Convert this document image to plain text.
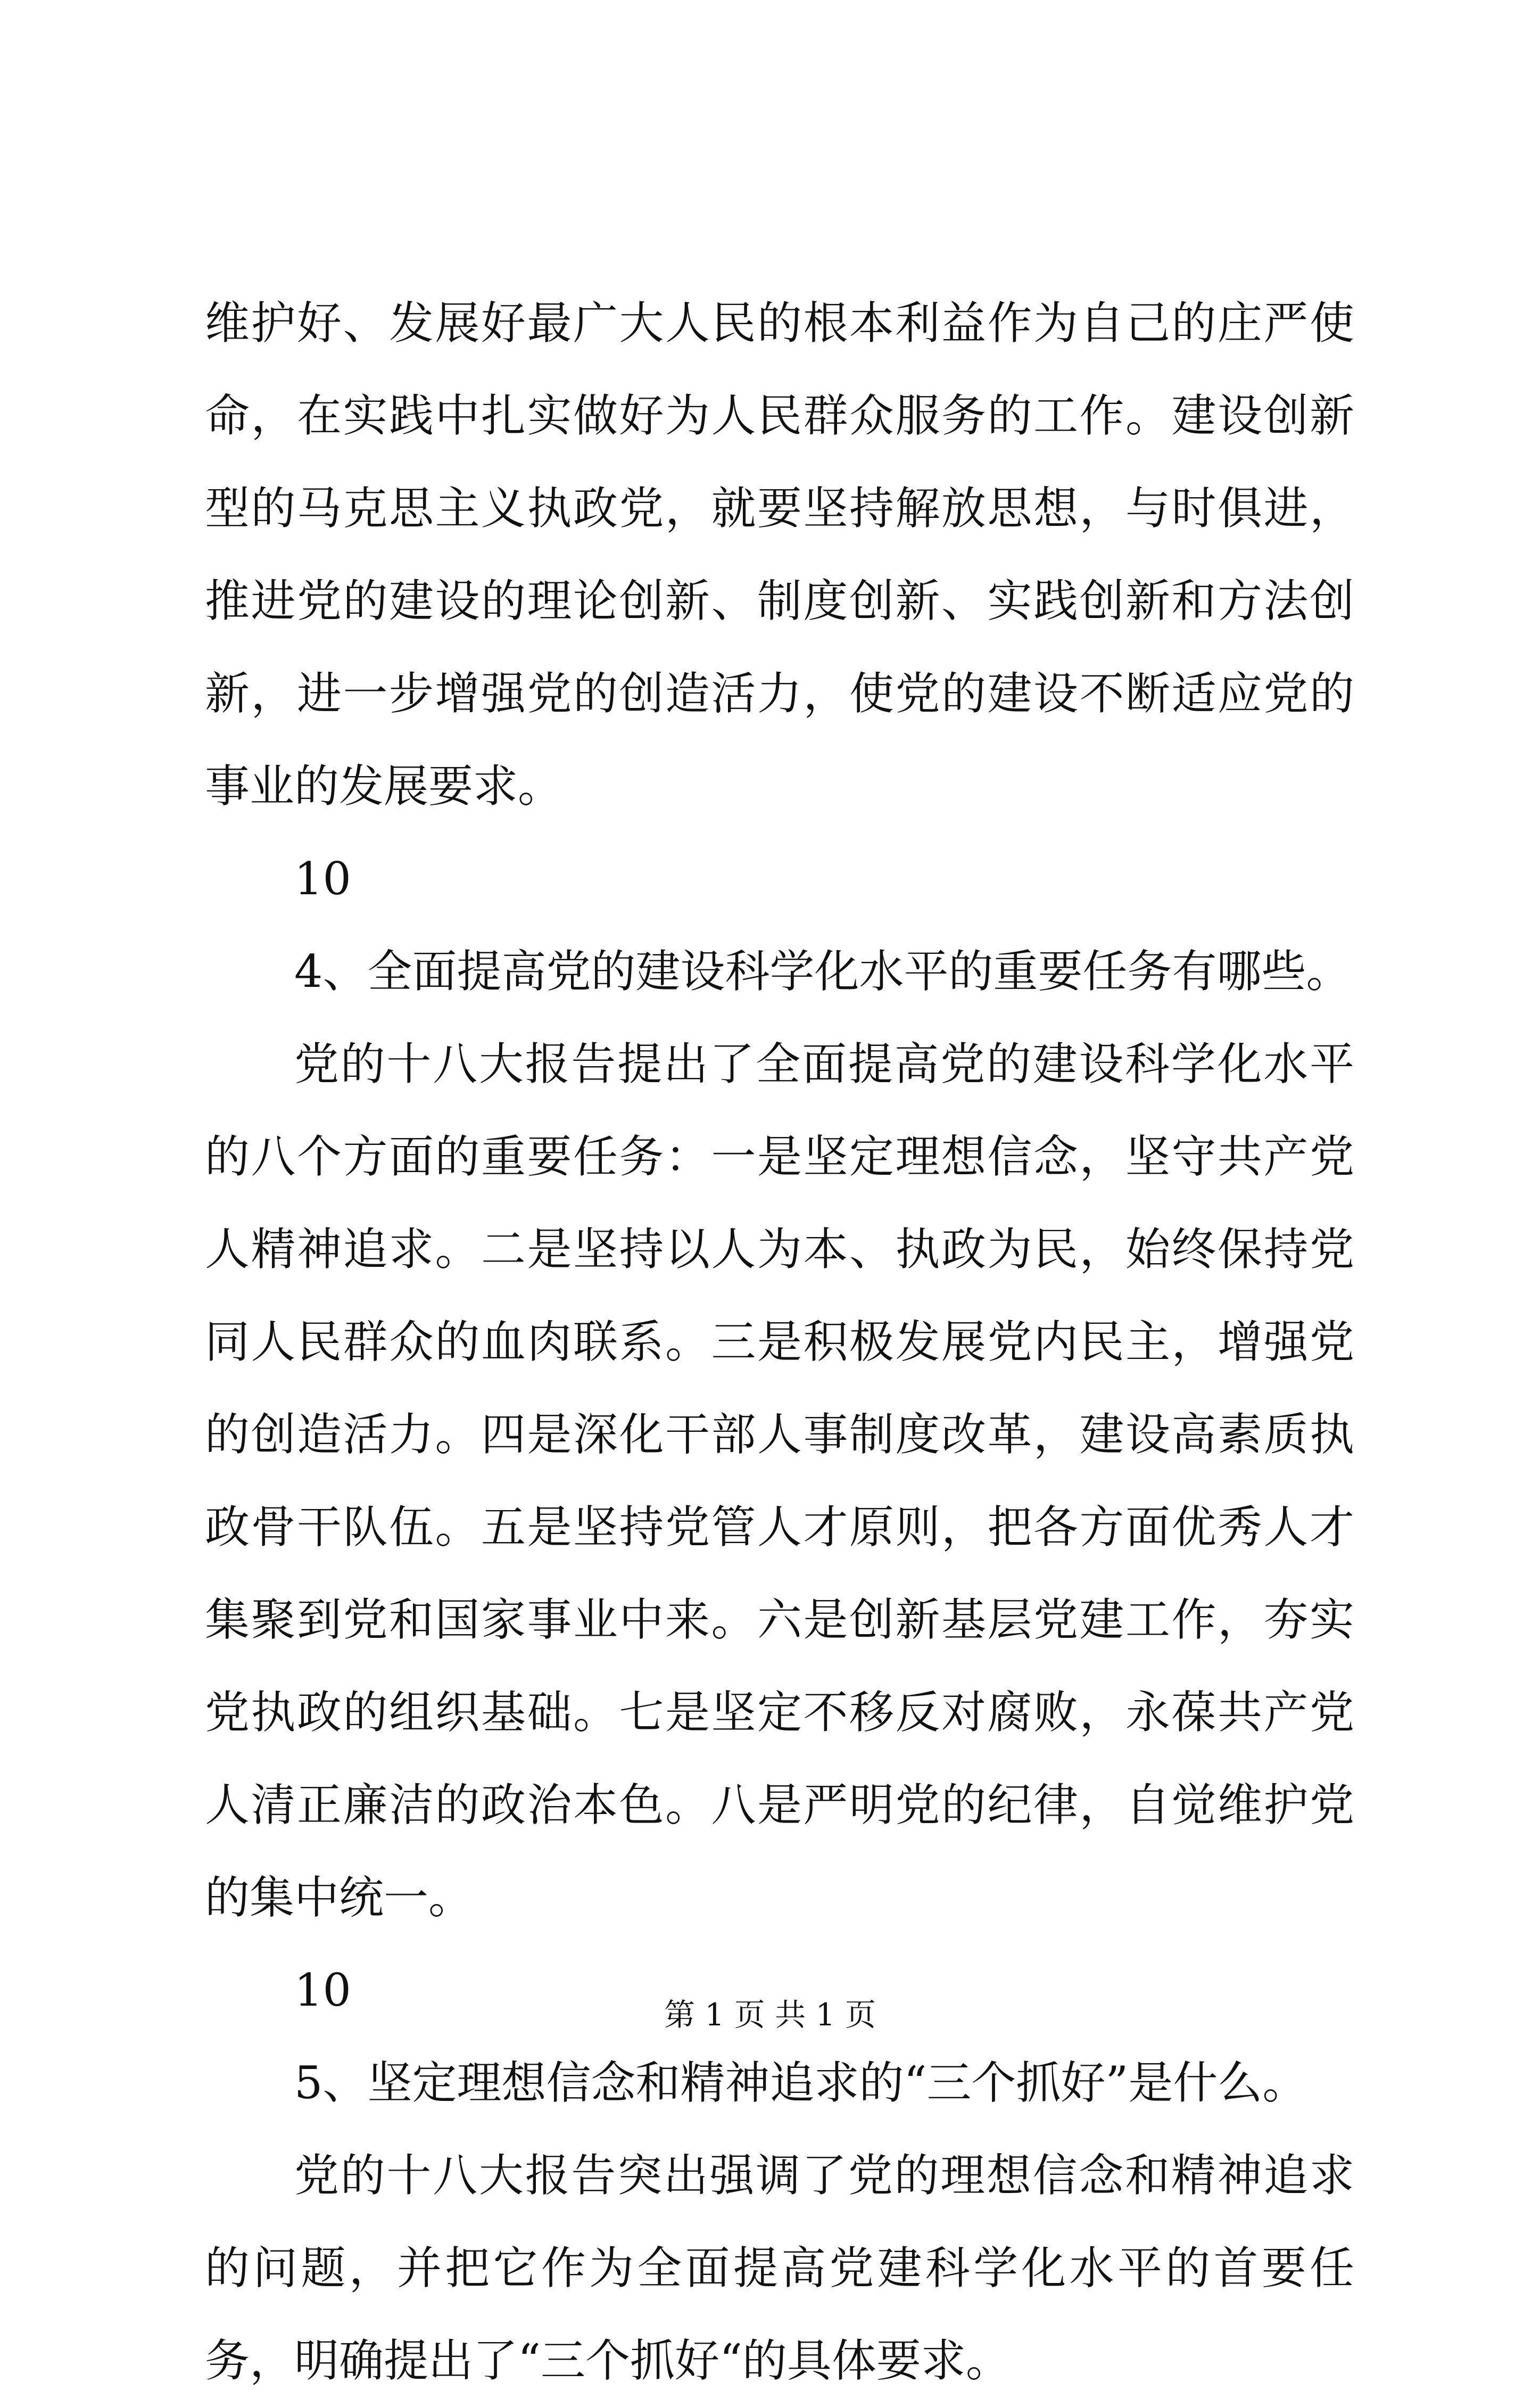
维护好、发展好最广大人民的根本利益作为自己的庄严使命，在实践中扎实做好为人民群众服务的工作。建设创新型的马克思主义执政党，就要坚持解放思想，与时俱进，推进党的建设的理论创新、制度创新、实践创新和方法创新，进一步增强党的创造活力，使党的建设不断适应党的事业的发展要求。

10

4、全面提高党的建设科学化水平的重要任务有哪些。

党的十八大报告提出了全面提高党的建设科学化水平的八个方面的重要任务：一是坚定理想信念，坚守共产党人精神追求。二是坚持以人为本、执政为民，始终保持党同人民群众的血肉联系。三是积极发展党内民主，增强党的创造活力。四是深化干部人事制度改革，建设高素质执政骨干队伍。五是坚持党管人才原则，把各方面优秀人才集聚到党和国家事业中来。六是创新基层党建工作，夯实党执政的组织基础。七是坚定不移反对腐败，永葆共产党人清正廉洁的政治本色。八是严明党的纪律，自觉维护党的集中统一。

10

5、坚定理想信念和精神追求的“三个抓好”是什么。

党的十八大报告突出强调了党的理想信念和精神追求的问题，并把它作为全面提高党建科学化水平的首要任务，明确提出了“三个抓好“的具体要求。

第 1 页 共 1 页
